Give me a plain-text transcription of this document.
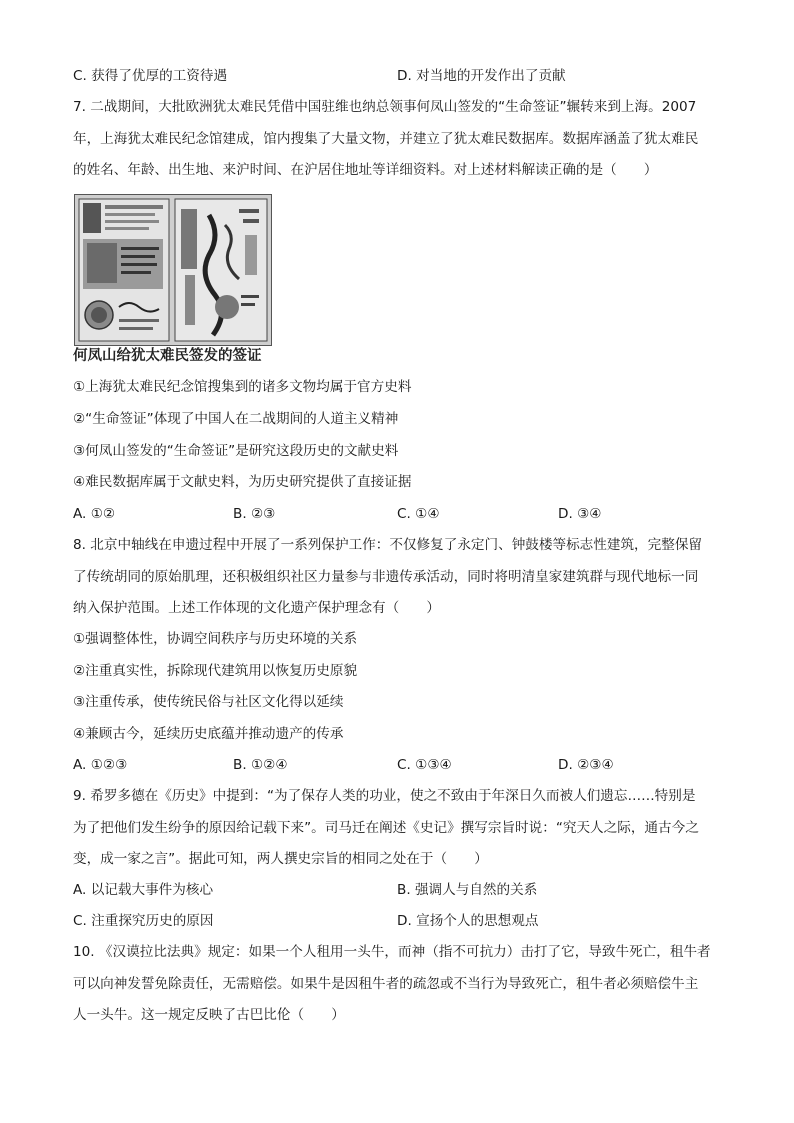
C. 获得了优厚的工资待遇	D. 对当地的开发作出了贡献
7. 二战期间，大批欧洲犹太难民凭借中国驻维也纳总领事何凤山签发的“生命签证”辗转来到上海。2007
年，上海犹太难民纪念馆建成，馆内搜集了大量文物，并建立了犹太难民数据库。数据库涵盖了犹太难民
的姓名、年龄、出生地、来沪时间、在沪居住地址等详细资料。对上述材料解读正确的是（　　）
何凤山给犹太难民签发的签证
①上海犹太难民纪念馆搜集到的诸多文物均属于官方史料
②“生命签证”体现了中国人在二战期间的人道主义精神
③何凤山签发的“生命签证”是研究这段历史的文献史料
④难民数据库属于文献史料，为历史研究提供了直接证据
A. ①②	B. ②③	C. ①④	D. ③④
8. 北京中轴线在申遗过程中开展了一系列保护工作：不仅修复了永定门、钟鼓楼等标志性建筑，完整保留
了传统胡同的原始肌理，还积极组织社区力量参与非遗传承活动，同时将明清皇家建筑群与现代地标一同
纳入保护范围。上述工作体现的文化遗产保护理念有（　　）
①强调整体性，协调空间秩序与历史环境的关系
②注重真实性，拆除现代建筑用以恢复历史原貌
③注重传承，使传统民俗与社区文化得以延续
④兼顾古今，延续历史底蕴并推动遗产的传承
A. ①②③	B. ①②④	C. ①③④	D. ②③④
9. 希罗多德在《历史》中提到：“为了保存人类的功业，使之不致由于年深日久而被人们遗忘……特别是
为了把他们发生纷争的原因给记载下来”。司马迁在阐述《史记》撰写宗旨时说：“究天人之际，通古今之
变，成一家之言”。据此可知，两人撰史宗旨的相同之处在于（　　）
A. 以记载大事件为核心	B. 强调人与自然的关系
C. 注重探究历史的原因	D. 宣扬个人的思想观点
10. 《汉谟拉比法典》规定：如果一个人租用一头牛，而神（指不可抗力）击打了它，导致牛死亡，租牛者
可以向神发誓免除责任，无需赔偿。如果牛是因租牛者的疏忽或不当行为导致死亡，租牛者必须赔偿牛主
人一头牛。这一规定反映了古巴比伦（　　）
